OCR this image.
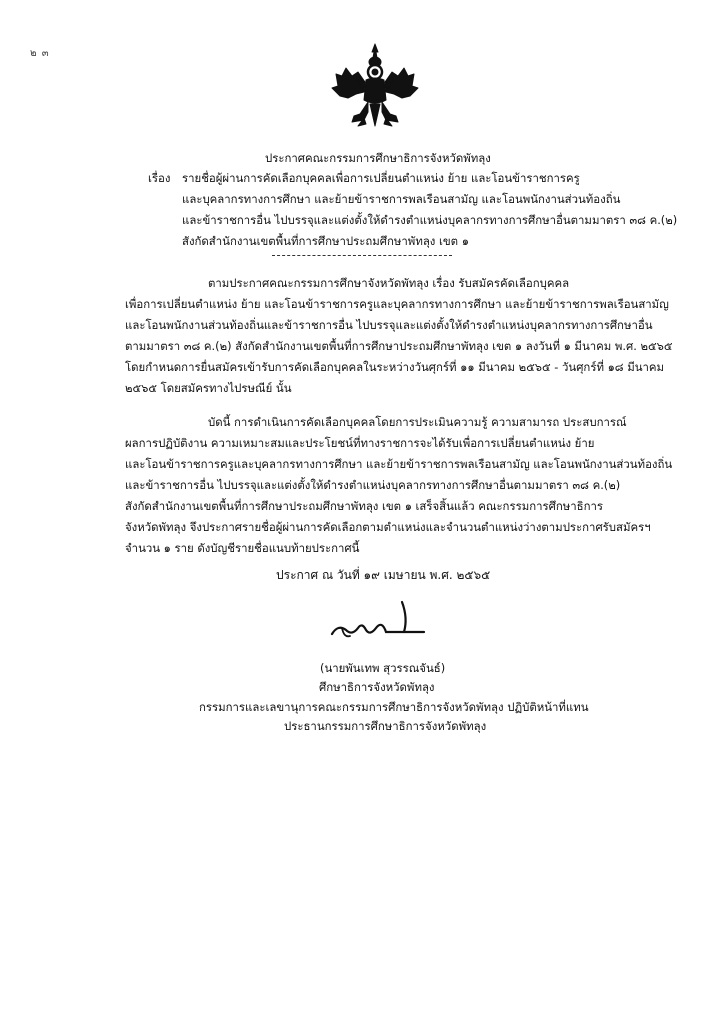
๒ ๓
ประกาศคณะกรรมการศึกษาธิการจังหวัดพัทลุง
เรื่อง รายชื่อผู้ผ่านการคัดเลือกบุคคลเพื่อการเปลี่ยนตำแหน่ง ย้าย และโอนข้าราชการครู
และบุคลากรทางการศึกษา และย้ายข้าราชการพลเรือนสามัญ และโอนพนักงานส่วนท้องถิ่น
และข้าราชการอื่น ไปบรรจุและแต่งตั้งให้ดำรงตำแหน่งบุคลากรทางการศึกษาอื่นตามมาตรา ๓๘ ค.(๒)
สังกัดสำนักงานเขตพื้นที่การศึกษาประถมศึกษาพัทลุง เขต ๑
ตามประกาศคณะกรรมการศึกษาจังหวัดพัทลุง เรื่อง รับสมัครคัดเลือกบุคคล
เพื่อการเปลี่ยนตำแหน่ง ย้าย และโอนข้าราชการครูและบุคลากรทางการศึกษา และย้ายข้าราชการพลเรือนสามัญ
และโอนพนักงานส่วนท้องถิ่นและข้าราชการอื่น ไปบรรจุและแต่งตั้งให้ดำรงตำแหน่งบุคลากรทางการศึกษาอื่น
ตามมาตรา ๓๘ ค.(๒) สังกัดสำนักงานเขตพื้นที่การศึกษาประถมศึกษาพัทลุง เขต ๑ ลงวันที่ ๑ มีนาคม พ.ศ. ๒๕๖๕
โดยกำหนดการยื่นสมัครเข้ารับการคัดเลือกบุคคลในระหว่างวันศุกร์ที่ ๑๑ มีนาคม ๒๕๖๕ - วันศุกร์ที่ ๑๘ มีนาคม
๒๕๖๕ โดยสมัครทางไปรษณีย์ นั้น
บัดนี้ การดำเนินการคัดเลือกบุคคลโดยการประเมินความรู้ ความสามารถ ประสบการณ์
ผลการปฏิบัติงาน ความเหมาะสมและประโยชน์ที่ทางราชการจะได้รับเพื่อการเปลี่ยนตำแหน่ง ย้าย
และโอนข้าราชการครูและบุคลากรทางการศึกษา และย้ายข้าราชการพลเรือนสามัญ และโอนพนักงานส่วนท้องถิ่น
และข้าราชการอื่น ไปบรรจุและแต่งตั้งให้ดำรงตำแหน่งบุคลากรทางการศึกษาอื่นตามมาตรา ๓๘ ค.(๒)
สังกัดสำนักงานเขตพื้นที่การศึกษาประถมศึกษาพัทลุง เขต ๑ เสร็จสิ้นแล้ว คณะกรรมการศึกษาธิการ
จังหวัดพัทลุง จึงประกาศรายชื่อผู้ผ่านการคัดเลือกตามตำแหน่งและจำนวนตำแหน่งว่างตามประกาศรับสมัครฯ
จำนวน ๑ ราย ดังบัญชีรายชื่อแนบท้ายประกาศนี้
ประกาศ ณ วันที่ ๑๙ เมษายน พ.ศ. ๒๕๖๕
(นายพันเทพ สุวรรณจันธ์)
ศึกษาธิการจังหวัดพัทลุง
กรรมการและเลขานุการคณะกรรมการศึกษาธิการจังหวัดพัทลุง ปฏิบัติหน้าที่แทน
ประธานกรรมการศึกษาธิการจังหวัดพัทลุง
